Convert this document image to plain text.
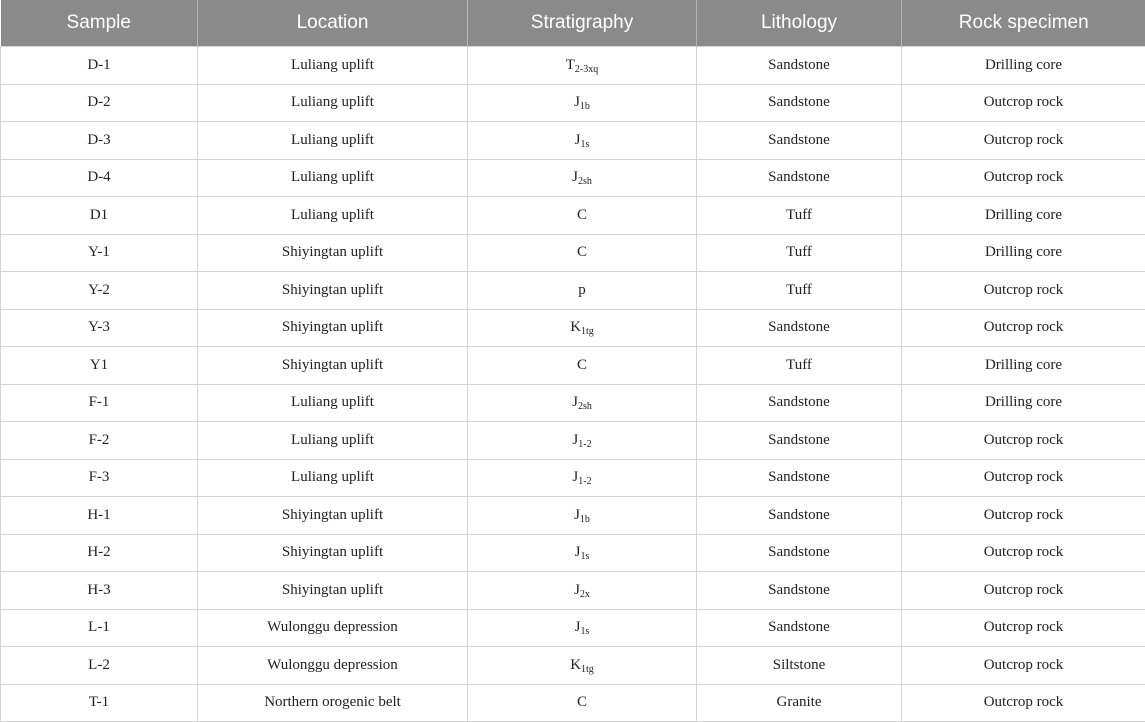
Sample	Location	Stratigraphy	Lithology	Rock specimen
D-1	Luliang uplift	$T_{2-3xq}$	Sandstone	Drilling core
D-2	Luliang uplift	$J_{1b}$	Sandstone	Outcrop rock
D-3	Luliang uplift	$J_{1s}$	Sandstone	Outcrop rock
D-4	Luliang uplift	$J_{2sh}$	Sandstone	Outcrop rock
D1	Luliang uplift	C	Tuff	Drilling core
Y-1	Shiyingtan uplift	C	Tuff	Drilling core
Y-2	Shiyingtan uplift	p	Tuff	Outcrop rock
Y-3	Shiyingtan uplift	$K_{1tg}$	Sandstone	Outcrop rock
Y1	Shiyingtan uplift	C	Tuff	Drilling core
F-1	Luliang uplift	$J_{2sh}$	Sandstone	Drilling core
F-2	Luliang uplift	$J_{1-2}$	Sandstone	Outcrop rock
F-3	Luliang uplift	$J_{1-2}$	Sandstone	Outcrop rock
H-1	Shiyingtan uplift	$J_{1b}$	Sandstone	Outcrop rock
H-2	Shiyingtan uplift	$J_{1s}$	Sandstone	Outcrop rock
H-3	Shiyingtan uplift	$J_{2x}$	Sandstone	Outcrop rock
L-1	Wulonggu depression	$J_{1s}$	Sandstone	Outcrop rock
L-2	Wulonggu depression	$K_{1tg}$	Siltstone	Outcrop rock
T-1	Northern orogenic belt	C	Granite	Outcrop rock
